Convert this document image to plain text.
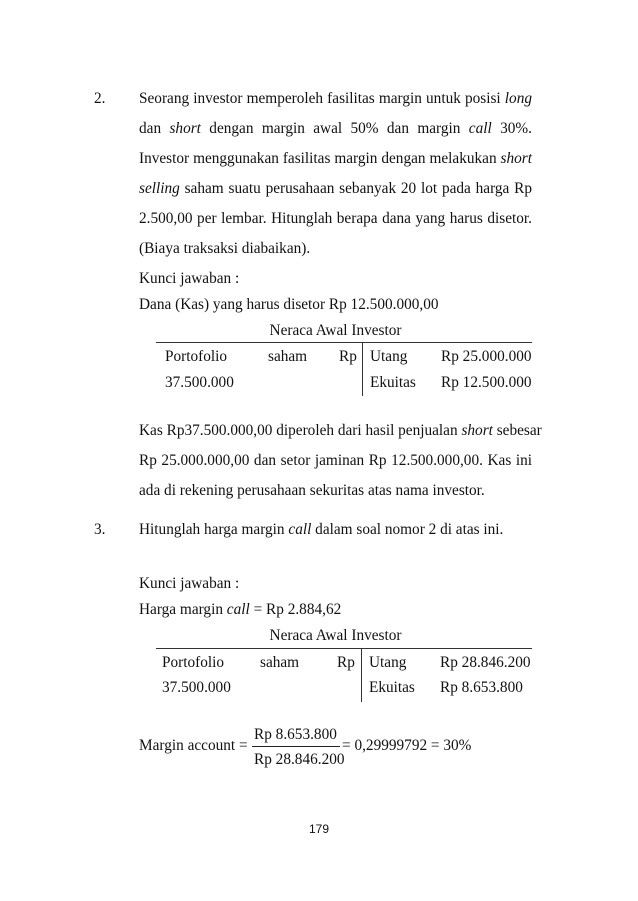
2. Seorang investor memperoleh fasilitas margin untuk posisi long
dan short dengan margin awal 50% dan margin call 30%.
Investor menggunakan fasilitas margin dengan melakukan short
selling saham suatu perusahaan sebanyak 20 lot pada harga Rp
2.500,00 per lembar. Hitunglah berapa dana yang harus disetor.
(Biaya traksaksi diabaikan).
Kunci jawaban :
Dana (Kas) yang harus disetor Rp 12.500.000,00
Neraca Awal Investor
Portofolio	saham Rp
37.500.000
Utang Rp 25.000.000
Ekuitas Rp 12.500.000
Kas Rp37.500.000,00 diperoleh dari hasil penjualan short sebesar
Rp 25.000.000,00 dan setor jaminan Rp 12.500.000,00. Kas ini
ada di rekening perusahaan sekuritas atas nama investor.
3. Hitunglah harga margin call dalam soal nomor 2 di atas ini.
Kunci jawaban :
Harga margin call = Rp 2.884,62
Neraca Awal Investor
Portofolio saham Rp
37.500.000
Utang Rp 28.846.200
Ekuitas Rp 8.653.800
Margin account =
Rp 8.653.800
Rp 28.846.200
= 0,29999792 = 30%
179
